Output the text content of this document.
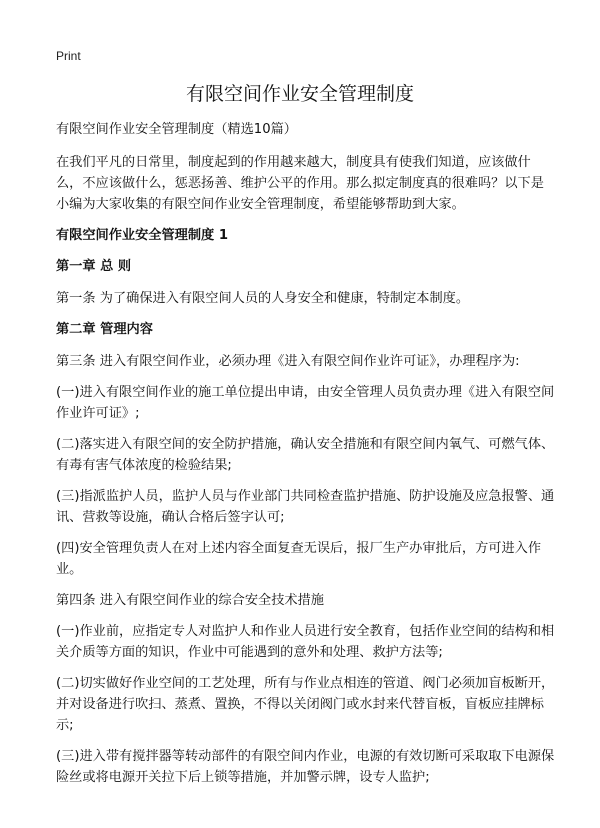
Print
有限空间作业安全管理制度

有限空间作业安全管理制度（精选10篇）

在我们平凡的日常里，制度起到的作用越来越大，制度具有使我们知道，应该做什么，不应该做什么，惩恶扬善、维护公平的作用。那么拟定制度真的很难吗？以下是小编为大家收集的有限空间作业安全管理制度，希望能够帮助到大家。

有限空间作业安全管理制度 1

第一章 总 则

第一条 为了确保进入有限空间人员的人身安全和健康，特制定本制度。

第二章 管理内容

第三条 进入有限空间作业，必须办理《进入有限空间作业许可证》，办理程序为:

(一)进入有限空间作业的施工单位提出申请，由安全管理人员负责办理《进入有限空间作业许可证》;

(二)落实进入有限空间的安全防护措施，确认安全措施和有限空间内氧气、可燃气体、有毒有害气体浓度的检验结果;

(三)指派监护人员，监护人员与作业部门共同检查监护措施、防护设施及应急报警、通讯、营救等设施，确认合格后签字认可;

(四)安全管理负责人在对上述内容全面复查无误后，报厂生产办审批后，方可进入作业。

第四条 进入有限空间作业的综合安全技术措施

(一)作业前，应指定专人对监护人和作业人员进行安全教育，包括作业空间的结构和相关介质等方面的知识，作业中可能遇到的意外和处理、救护方法等;

(二)切实做好作业空间的工艺处理，所有与作业点相连的管道、阀门必须加盲板断开，并对设备进行吹扫、蒸煮、置换，不得以关闭阀门或水封来代替盲板，盲板应挂牌标示;

(三)进入带有搅拌器等转动部件的有限空间内作业，电源的有效切断可采取取下电源保险丝或将电源开关拉下后上锁等措施，并加警示牌，设专人监护;
